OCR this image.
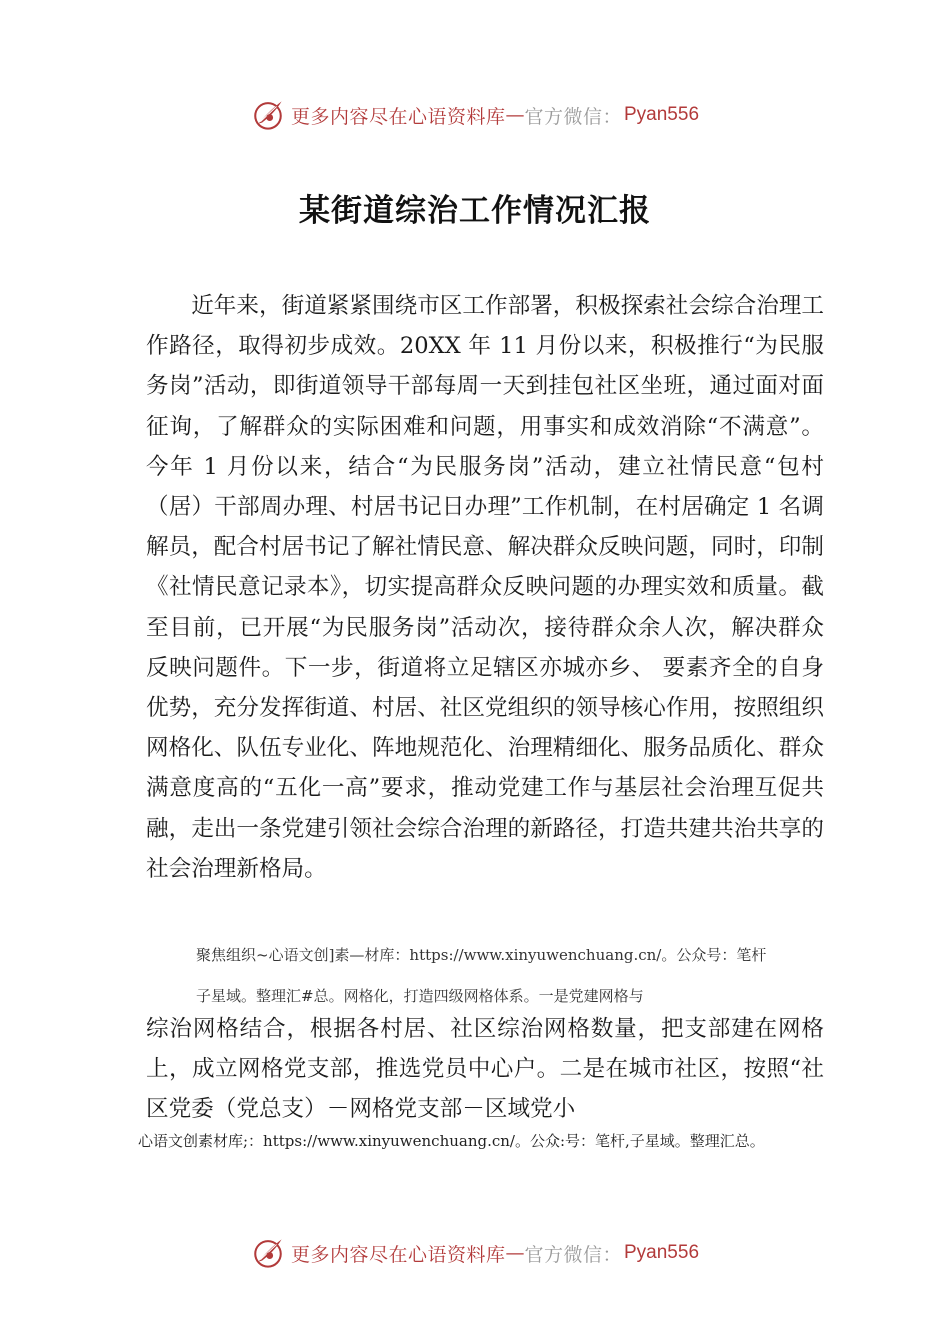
更多内容尽在心语资料库 — 官方微信： Pyan556
某街道综治工作情况汇报
近年来，街道紧紧围绕市区工作部署，积极探索社会综合治理工作路径，取得初步成效。20XX 年 11 月份以来，积极推行“为民服务岗”活动，即街道领导干部每周一天到挂包社区坐班，通过面对面征询，了解群众的实际困难和问题，用事实和成效消除“不满意”。今年 1 月份以来，结合“为民服务岗”活动，建立社情民意“包村（居）干部周办理、村居书记日办理”工作机制，在村居确定 1 名调解员，配合村居书记了解社情民意、解决群众反映问题，同时，印制《社情民意记录本》，切实提高群众反映问题的办理实效和质量。截至目前，已开展“为民服务岗”活动次，接待群众余人次，解决群众反映问题件。下一步，街道将立足辖区亦城亦乡、 要素齐全的自身优势，充分发挥街道、村居、社区党组织的领导核心作用，按照组织网格化、队伍专业化、阵地规范化、治理精细化、服务品质化、群众满意度高的“五化一高”要求，推动党建工作与基层社会治理互促共融，走出一条党建引领社会综合治理的新路径，打造共建共治共享的社会治理新格局。
聚焦组织~心语文创]素—材库：https://www.xinyuwenchuang.cn/。公众号：笔杆
子星域。整理汇#总。网格化，打造四级网格体系。一是党建网格与
综治网格结合，根据各村居、社区综治网格数量，把支部建在网格上，成立网格党支部，推选党员中心户。二是在城市社区，按照“社区党委（党总支）－网格党支部－区域党小
心语文创素材库;：https://www.xinyuwenchuang.cn/。公众:号：笔杆,子星域。整理汇总。
更多内容尽在心语资料库 — 官方微信： Pyan556
